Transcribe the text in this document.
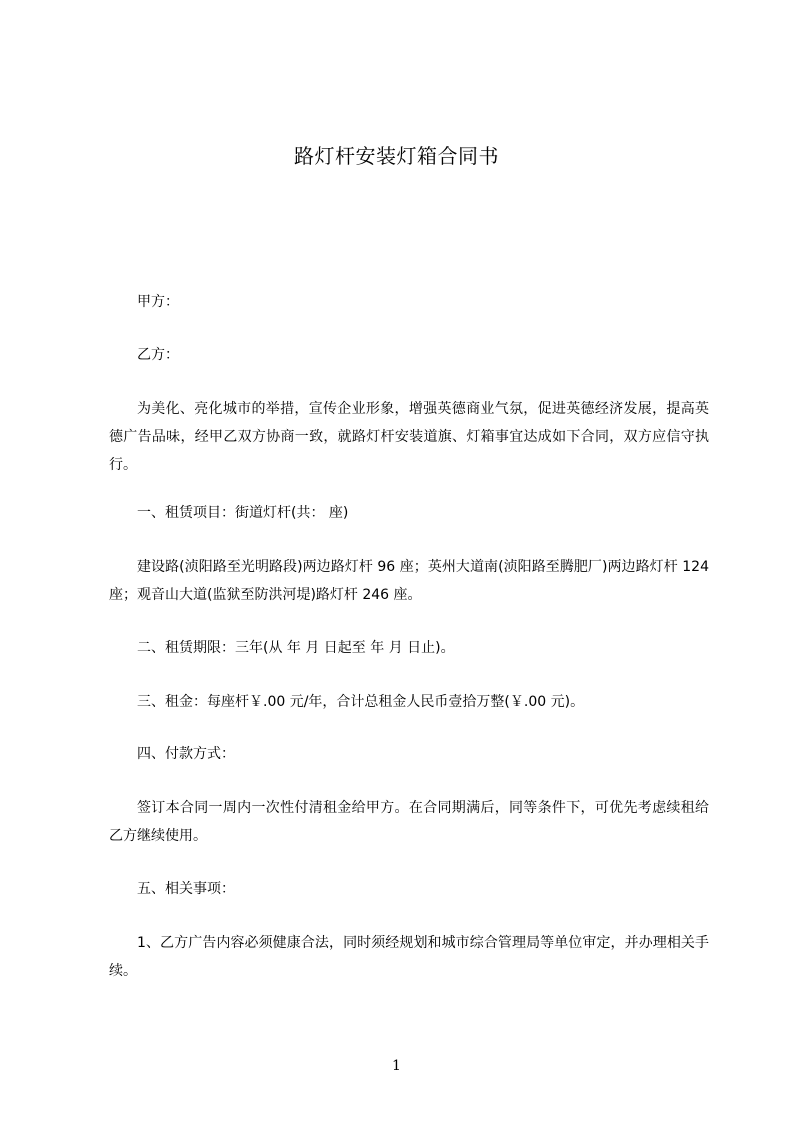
路灯杆安装灯箱合同书

甲方：

乙方：

为美化、亮化城市的举措，宣传企业形象，增强英德商业气氛，促进英德经济发展，提高英德广告品味，经甲乙双方协商一致，就路灯杆安装道旗、灯箱事宜达成如下合同，双方应信守执行。

一、租赁项目：街道灯杆(共： 座)

建设路(浈阳路至光明路段)两边路灯杆 96 座；英州大道南(浈阳路至腾肥厂)两边路灯杆 124 座；观音山大道(监狱至防洪河堤)路灯杆 246 座。

二、租赁期限：三年(从 年 月 日起至 年 月 日止)。

三、租金：每座杆￥.00 元/年，合计总租金人民币壹拾万整(￥.00 元)。

四、付款方式：

签订本合同一周内一次性付清租金给甲方。在合同期满后，同等条件下，可优先考虑续租给乙方继续使用。

五、相关事项：

1、乙方广告内容必须健康合法，同时须经规划和城市综合管理局等单位审定，并办理相关手续。

1
